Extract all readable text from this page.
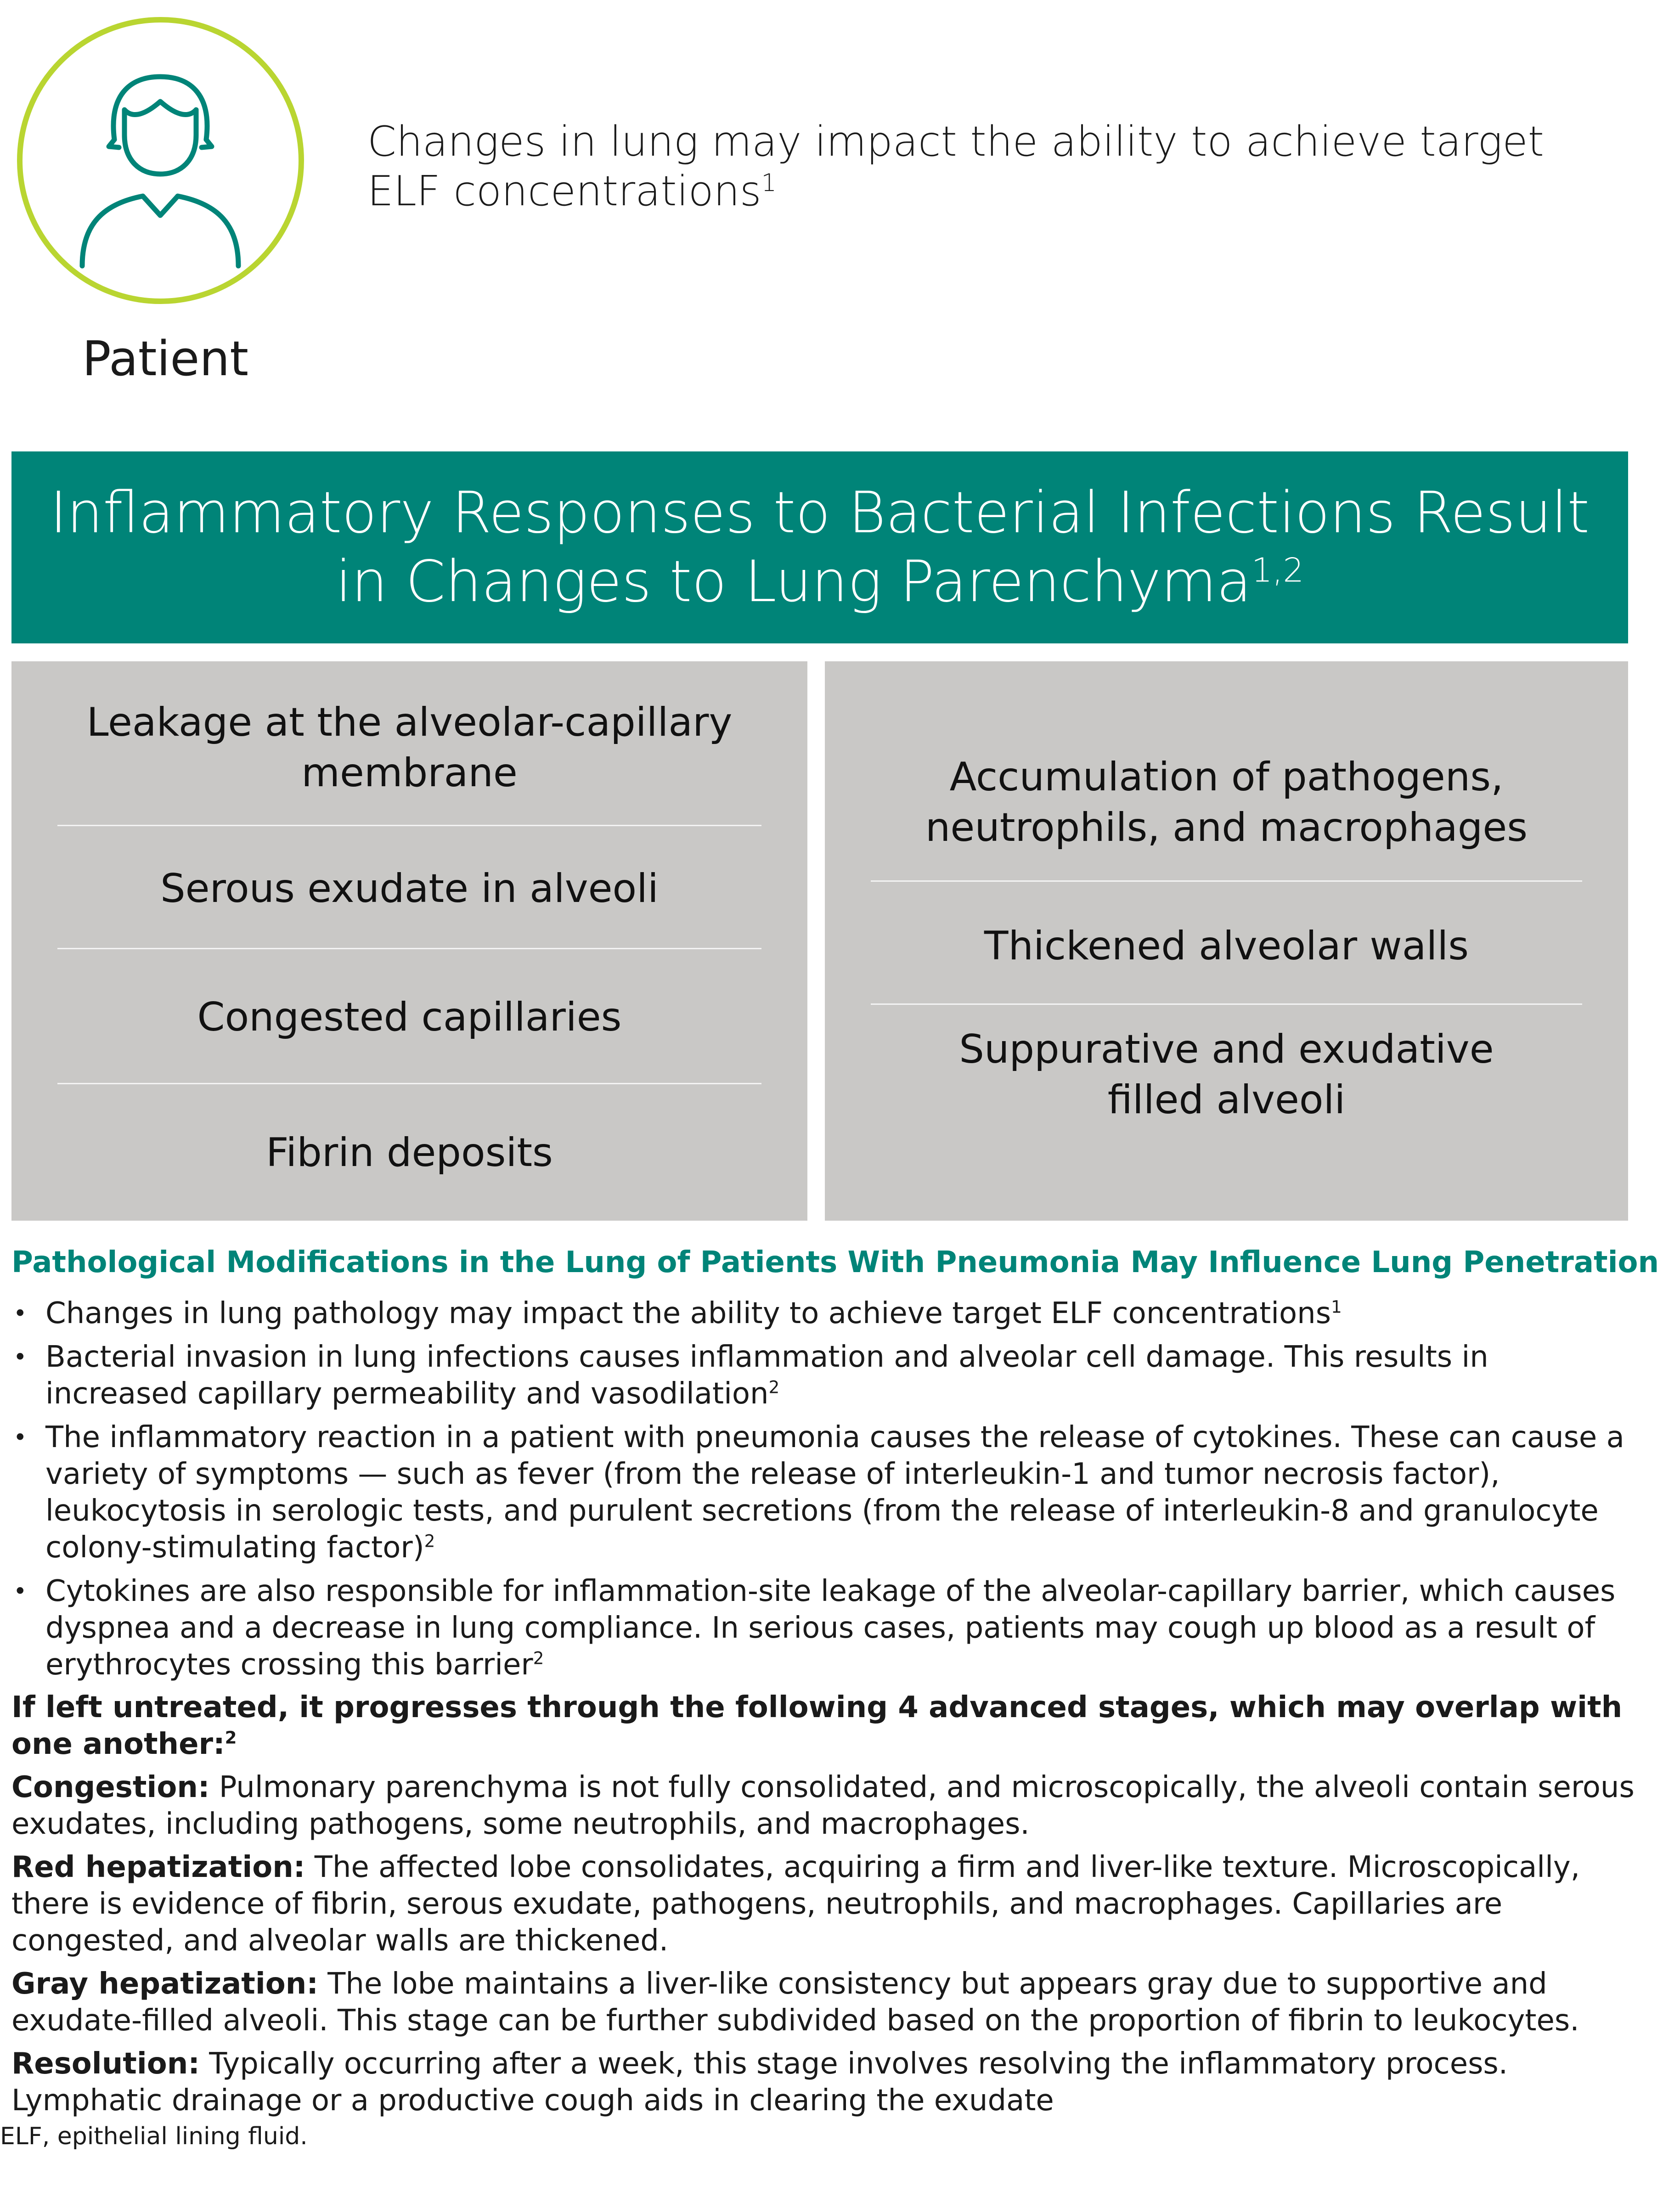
Patient
Changes in lung may impact the ability to achieve target ELF concentrations$^1$
Inflammatory Responses to Bacterial Infections Result in Changes to Lung Parenchyma$^{1,2}$
Leakage at the alveolar-capillary membrane
Serous exudate in alveoli
Congested capillaries
Fibrin deposits
Accumulation of pathogens, neutrophils, and macrophages
Thickened alveolar walls
Suppurative and exudative filled alveoli
Pathological Modifications in the Lung of Patients With Pneumonia May Influence Lung Penetration
• Changes in lung pathology may impact the ability to achieve target ELF concentrations$^1$
• Bacterial invasion in lung infections causes inflammation and alveolar cell damage. This results in increased capillary permeability and vasodilation$^2$
• The inflammatory reaction in a patient with pneumonia causes the release of cytokines. These can cause a variety of symptoms — such as fever (from the release of interleukin-1 and tumor necrosis factor), leukocytosis in serologic tests, and purulent secretions (from the release of interleukin-8 and granulocyte colony-stimulating factor)$^2$
• Cytokines are also responsible for inflammation-site leakage of the alveolar-capillary barrier, which causes dyspnea and a decrease in lung compliance. In serious cases, patients may cough up blood as a result of erythrocytes crossing this barrier$^2$
If left untreated, it progresses through the following 4 advanced stages, which may overlap with one another:$^2$
Congestion: Pulmonary parenchyma is not fully consolidated, and microscopically, the alveoli contain serous exudates, including pathogens, some neutrophils, and macrophages.
Red hepatization: The affected lobe consolidates, acquiring a firm and liver-like texture. Microscopically, there is evidence of fibrin, serous exudate, pathogens, neutrophils, and macrophages. Capillaries are congested, and alveolar walls are thickened.
Gray hepatization: The lobe maintains a liver-like consistency but appears gray due to supportive and exudate-filled alveoli. This stage can be further subdivided based on the proportion of fibrin to leukocytes.
Resolution: Typically occurring after a week, this stage involves resolving the inflammatory process. Lymphatic drainage or a productive cough aids in clearing the exudate
ELF, epithelial lining fluid.
